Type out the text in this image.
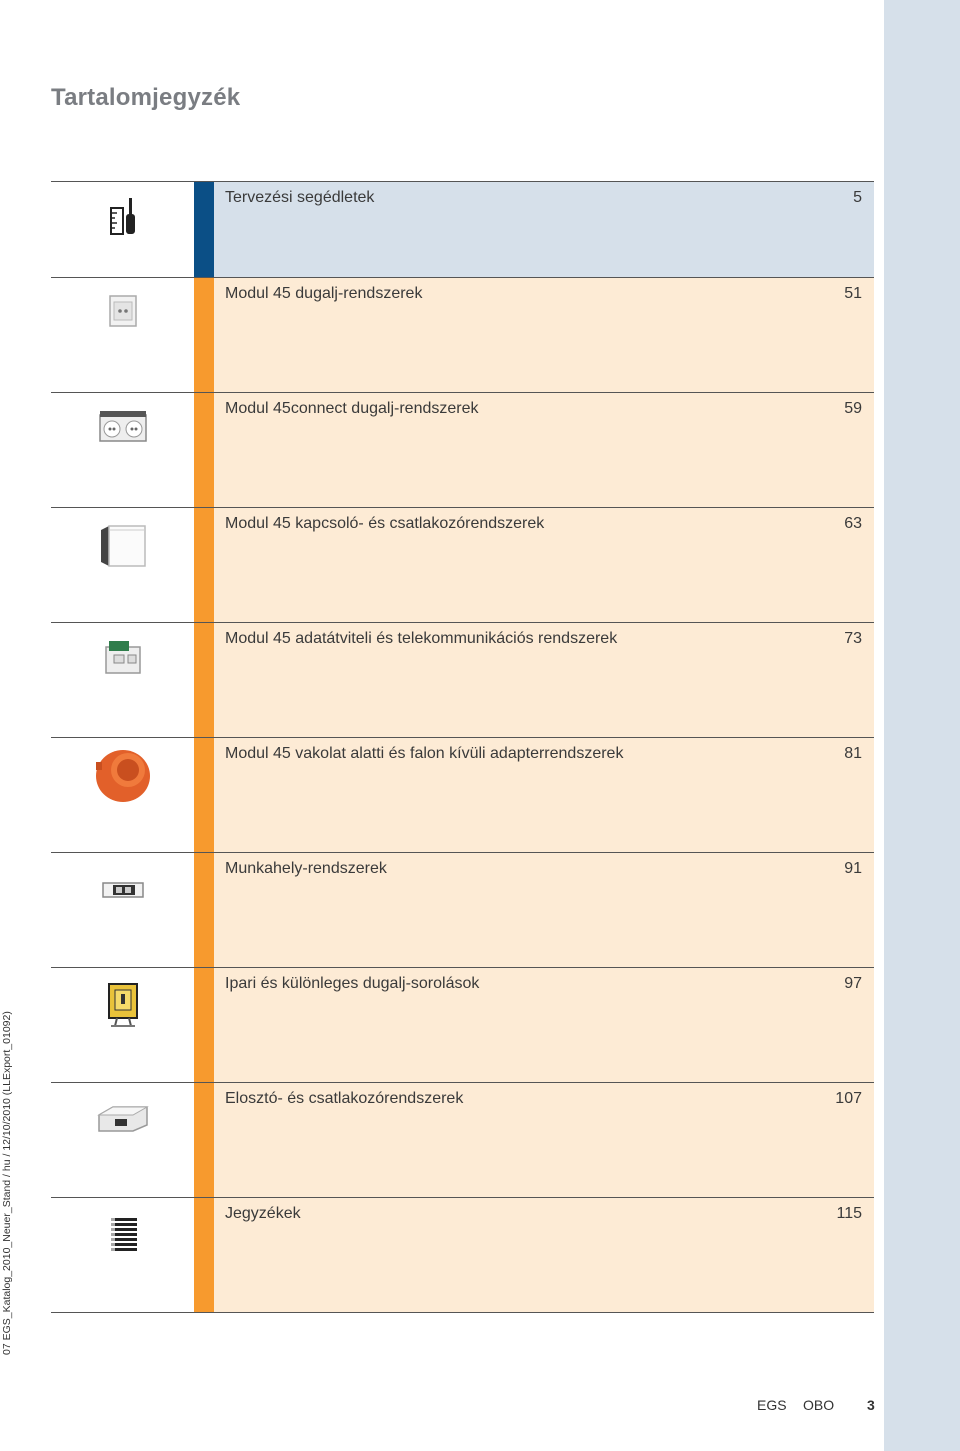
Tartalomjegyzék
Tervezési segédletek	5
Modul 45 dugalj-rendszerek	51
Modul 45connect dugalj-rendszerek	59
Modul 45 kapcsoló- és csatlakozórendszerek	63
Modul 45 adatátviteli és telekommunikációs rendszerek	73
Modul 45 vakolat alatti és falon kívüli adapterrendszerek	81
Munkahely-rendszerek	91
Ipari és különleges dugalj-sorolások	97
Elosztó- és csatlakozórendszerek	107
Jegyzékek	115
07 EGS_Katalog_2010_Neuer_Stand / hu / 12/10/2010 (LLExport_01092)
EGS	OBO	3
